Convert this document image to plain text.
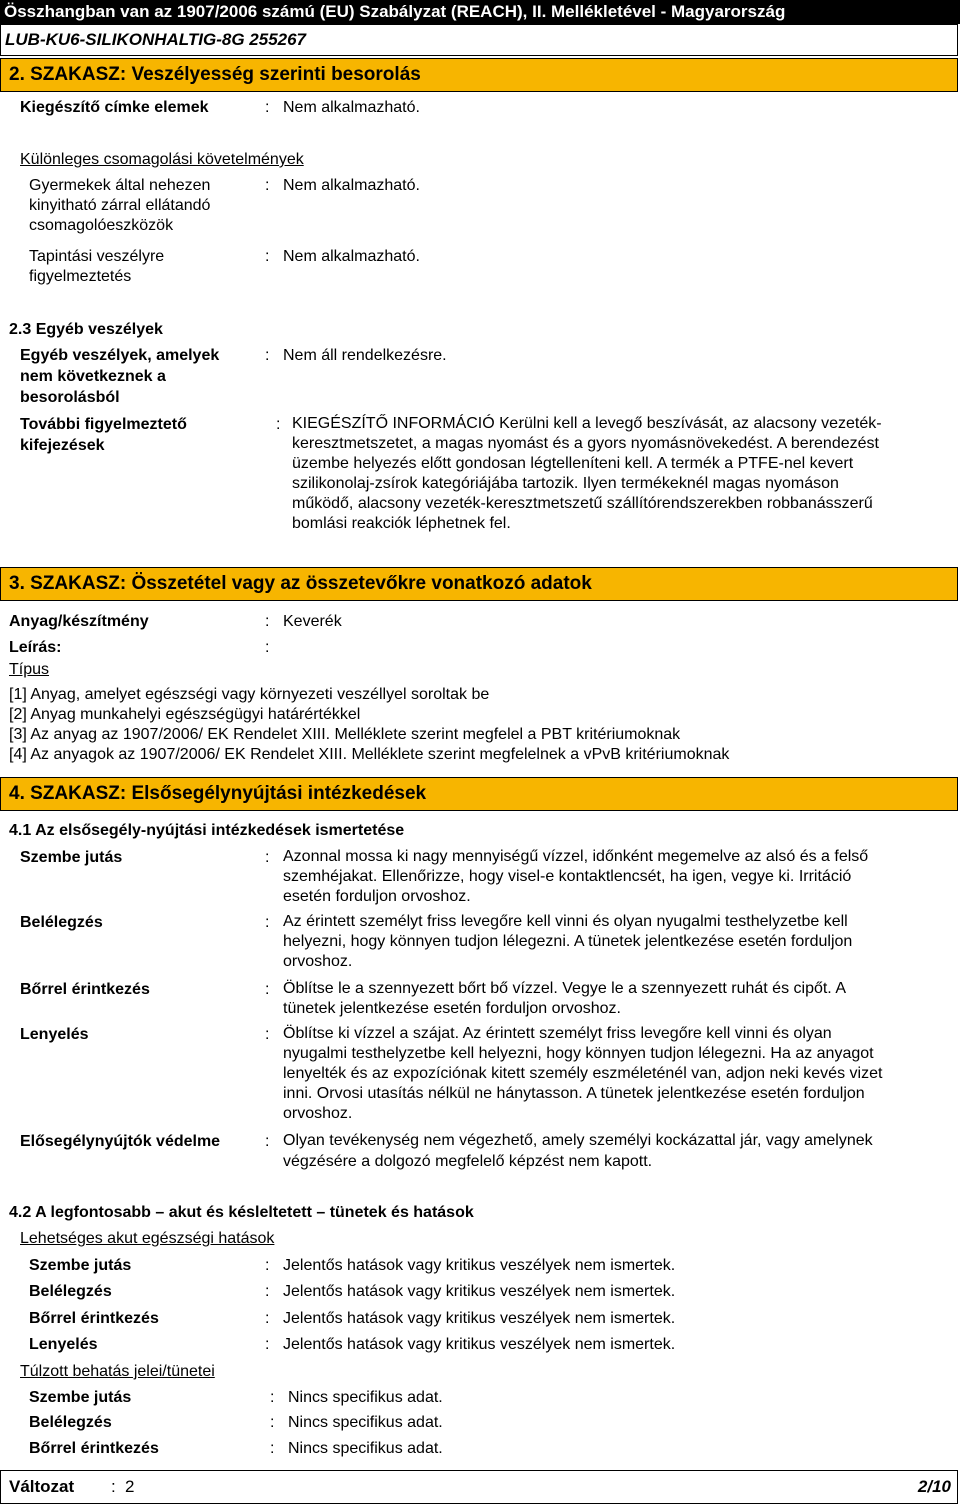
Összhangban van az 1907/2006 számú (EU) Szabályzat (REACH), II. Mellékletével - Magyarország
LUB-KU6-SILIKONHALTIG-8G 255267
2. SZAKASZ: Veszélyesség szerinti besorolás
Kiegészítő címke elemek	: Nem alkalmazható.
Különleges csomagolási követelmények
Gyermekek által nehezen
kinyitható zárral ellátandó
csomagolóeszközök
: Nem alkalmazható.
Tapintási veszélyre
figyelmeztetés
: Nem alkalmazható.
2.3 Egyéb veszélyek
Egyéb veszélyek, amelyek
nem következnek a
besorolásból
: Nem áll rendelkezésre.
További figyelmeztető
kifejezések
: KIEGÉSZÍTŐ INFORMÁCIÓ Kerülni kell a levegő beszívását, az alacsony vezeték-
keresztmetszetet, a magas nyomást és a gyors nyomásnövekedést. A berendezést
üzembe helyezés előtt gondosan légtelleníteni kell. A termék a PTFE-nel kevert
szilikonolaj-zsírok kategóriájába tartozik. Ilyen termékeknél magas nyomáson
működő, alacsony vezeték-keresztmetszetű szállítórendszerekben robbanásszerű
bomlási reakciók léphetnek fel.
3. SZAKASZ: Összetétel vagy az összetevőkre vonatkozó adatok
Anyag/készítmény	: Keverék
Leírás:	:
Típus
[1] Anyag, amelyet egészségi vagy környezeti veszéllyel soroltak be
[2] Anyag munkahelyi egészségügyi határértékkel
[3] Az anyag az 1907/2006/ EK Rendelet XIII. Melléklete szerint megfelel a PBT kritériumoknak
[4] Az anyagok az 1907/2006/ EK Rendelet XIII. Melléklete szerint megfelelnek a vPvB kritériumoknak
4. SZAKASZ: Elsősegélynyújtási intézkedések
4.1 Az elsősegély-nyújtási intézkedések ismertetése
Szembe jutás	: Azonnal mossa ki nagy mennyiségű vízzel, időnként megemelve az alsó és a felső
szemhéjakat. Ellenőrizze, hogy visel-e kontaktlencsét, ha igen, vegye ki. Irritáció
esetén forduljon orvoshoz.
Belélegzés	: Az érintett személyt friss levegőre kell vinni és olyan nyugalmi testhelyzetbe kell
helyezni, hogy könnyen tudjon lélegezni. A tünetek jelentkezése esetén forduljon
orvoshoz.
Bőrrel érintkezés	: Öblítse le a szennyezett bőrt bő vízzel. Vegye le a szennyezett ruhát és cipőt. A
tünetek jelentkezése esetén forduljon orvoshoz.
Lenyelés	: Öblítse ki vízzel a szájat. Az érintett személyt friss levegőre kell vinni és olyan
nyugalmi testhelyzetbe kell helyezni, hogy könnyen tudjon lélegezni. Ha az anyagot
lenyelték és az expozíciónak kitett személy eszméleténél van, adjon neki kevés vizet
inni. Orvosi utasítás nélkül ne hánytasson. A tünetek jelentkezése esetén forduljon
orvoshoz.
Elősegélynyújtók védelme	: Olyan tevékenység nem végezhető, amely személyi kockázattal jár, vagy amelynek
végzésére a dolgozó megfelelő képzést nem kapott.
4.2 A legfontosabb – akut és késleltetett – tünetek és hatások
Lehetséges akut egészségi hatások
Szembe jutás	: Jelentős hatások vagy kritikus veszélyek nem ismertek.
Belélegzés	: Jelentős hatások vagy kritikus veszélyek nem ismertek.
Bőrrel érintkezés	: Jelentős hatások vagy kritikus veszélyek nem ismertek.
Lenyelés	: Jelentős hatások vagy kritikus veszélyek nem ismertek.
Túlzott behatás jelei/tünetei
Szembe jutás	: Nincs specifikus adat.
Belélegzés	: Nincs specifikus adat.
Bőrrel érintkezés	: Nincs specifikus adat.
Változat : 2	2/10
